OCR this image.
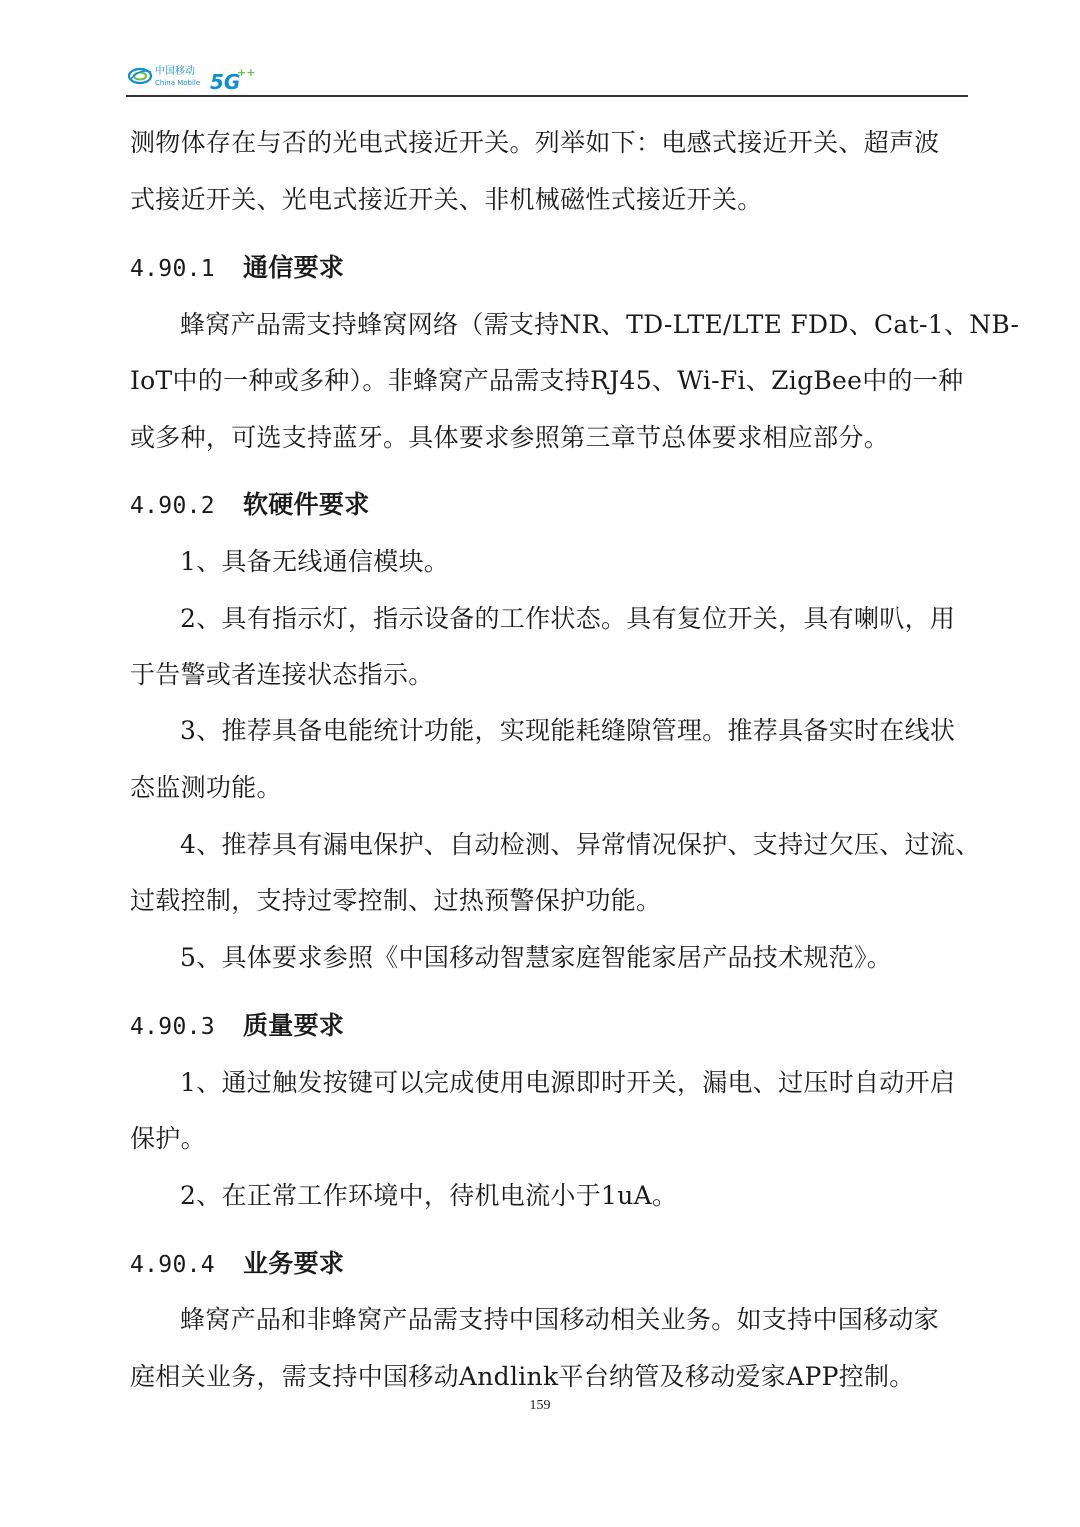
中国移动
China Mobile 5G
++
测物体存在与否的光电式接近开关。列举如下：电感式接近开关、超声波
式接近开关、光电式接近开关、非机械磁性式接近开关。
4.90.1 通信要求
蜂窝产品需支持蜂窝网络（需支持NR、TD-LTE/LTE FDD、Cat-1、NB-
IoT中的一种或多种）。非蜂窝产品需支持RJ45、Wi-Fi、ZigBee中的一种
或多种，可选支持蓝牙。具体要求参照第三章节总体要求相应部分。
4.90.2 软硬件要求
1、具备无线通信模块。
2、具有指示灯，指示设备的工作状态。具有复位开关，具有喇叭，用
于告警或者连接状态指示。
3、推荐具备电能统计功能，实现能耗缝隙管理。推荐具备实时在线状
态监测功能。
4、推荐具有漏电保护、自动检测、异常情况保护、支持过欠压、过流、
过载控制，支持过零控制、过热预警保护功能。
5、具体要求参照《中国移动智慧家庭智能家居产品技术规范》。
4.90.3 质量要求
1、通过触发按键可以完成使用电源即时开关，漏电、过压时自动开启
保护。
2、在正常工作环境中，待机电流小于1uA。
4.90.4 业务要求
蜂窝产品和非蜂窝产品需支持中国移动相关业务。如支持中国移动家
庭相关业务，需支持中国移动Andlink平台纳管及移动爱家APP控制。
159
